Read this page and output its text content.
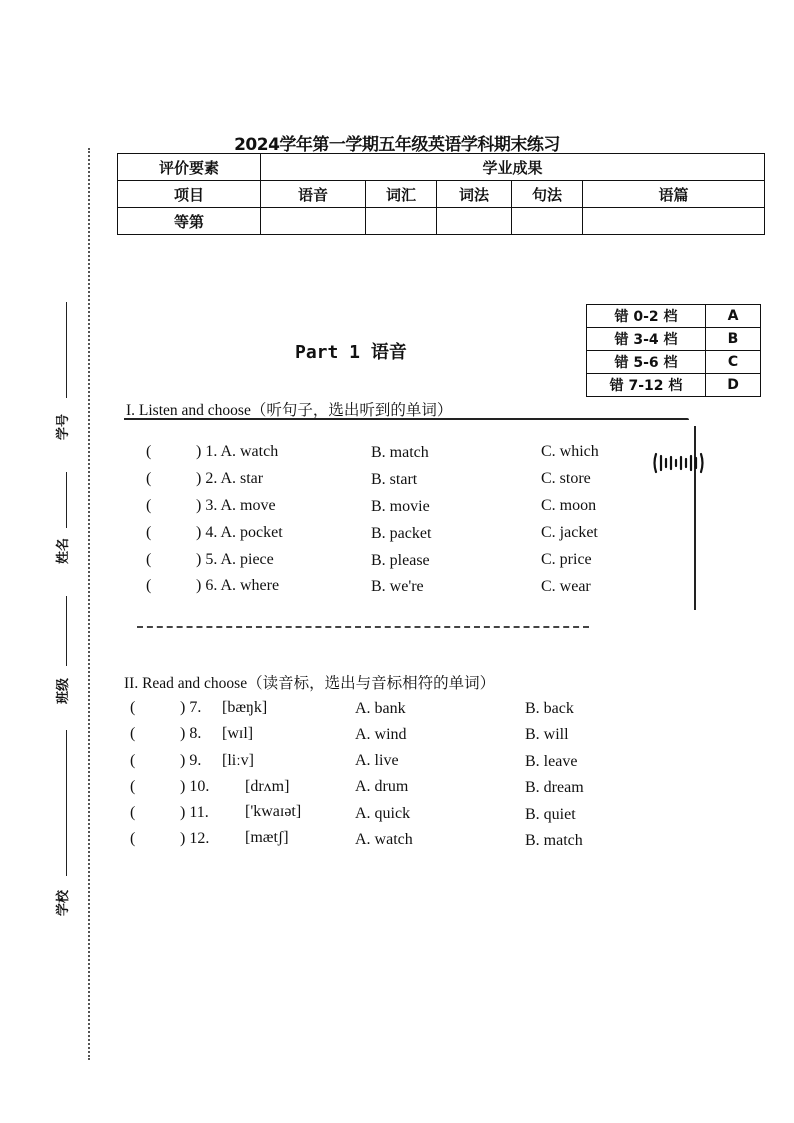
学号
姓名
班级
学校
2024学年第一学期五年级英语学科期末练习
评价要素	学业成果				
项目	语音	词汇	词法	句法	语篇
等第					
错 0-2 档	A
错 3-4 档	B
错 5-6 档	C
错 7-12 档	D
Part 1 语音
I. Listen and choose（听句子，选出听到的单词）
(	) 1. A. watch	B. match	C. which
(	) 2. A. star	B. start	C. store
(	) 3. A. move	B. movie	C. moon
(	) 4. A. pocket	B. packet	C. jacket
(	) 5. A. piece	B. please	C. price
(	) 6. A. where	B. we're	C. wear
II. Read and choose（读音标，选出与音标相符的单词）
(	) 7. [bæŋk]	A. bank	B. back
(	) 8. [wɪl]	A. wind	B. will
(	) 9. [liːv]	A. live	B. leave
(	) 10. [drʌm]	A. drum	B. dream
(	) 11. ['kwaɪət]	A. quick	B. quiet
(	) 12. [mætʃ]	A. watch	B. match
